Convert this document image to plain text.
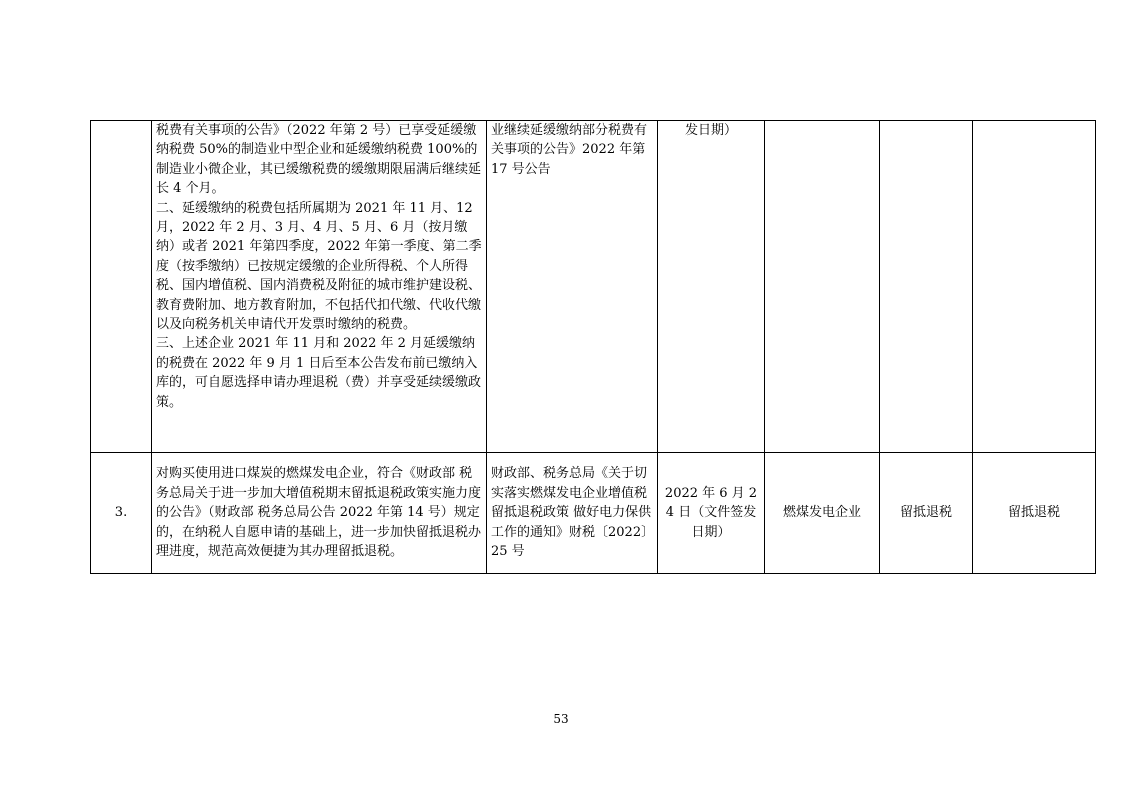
	税费有关事项的公告》（2022 年第 2 号）已享受延缓缴纳税费 50%的制造业中型企业和延缓缴纳税费 100%的制造业小微企业，其已缓缴税费的缓缴期限届满后继续延长 4 个月。
二、延缓缴纳的税费包括所属期为 2021 年 11 月、12 月，2022 年 2 月、3 月、4 月、5 月、6 月（按月缴纳）或者 2021 年第四季度，2022 年第一季度、第二季度（按季缴纳）已按规定缓缴的企业所得税、个人所得税、国内增值税、国内消费税及附征的城市维护建设税、教育费附加、地方教育附加，不包括代扣代缴、代收代缴以及向税务机关申请代开发票时缴纳的税费。
三、上述企业 2021 年 11 月和 2022 年 2 月延缓缴纳的税费在 2022 年 9 月 1 日后至本公告发布前已缴纳入库的，可自愿选择申请办理退税（费）并享受延续缓缴政策。	业继续延缓缴纳部分税费有关事项的公告》2022 年第 17 号公告	发日期）			
3.	对购买使用进口煤炭的燃煤发电企业，符合《财政部 税务总局关于进一步加大增值税期末留抵退税政策实施力度的公告》（财政部 税务总局公告 2022 年第 14 号）规定的，在纳税人自愿申请的基础上，进一步加快留抵退税办理进度，规范高效便捷为其办理留抵退税。	财政部、税务总局《关于切实落实燃煤发电企业增值税留抵退税政策 做好电力保供工作的通知》财税〔2022〕25 号	2022 年 6 月 24 日（文件签发日期）	燃煤发电企业	留抵退税	留抵退税
53
